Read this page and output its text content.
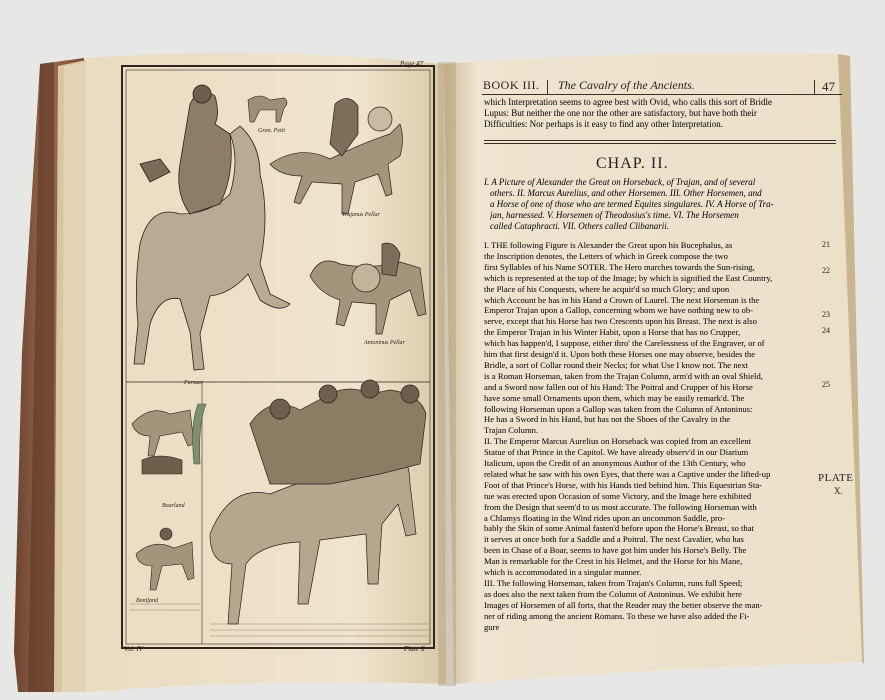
Page 47
Gran. Petit
Trajanus Pellar
Antoninus Pellar
Pursuer
Boarland
Bonifand
Vol. IV	Plate X
BOOK III. The Cavalry of the Ancients.	47
which Interpretation seems to agree best with Ovid, who calls this sort of Bridle
Lupus: But neither the one nor the other are satisfactory, but have both their
Difficulties: Nor perhaps is it easy to find any other Interpretation.
CHAP. II.
I. A Picture of Alexander the Great on Horseback, of Trajan, and of several
others. II. Marcus Aurelius, and other Horsemen. III. Other Horsemen, and
a Horse of one of those who are termed Equites singulares. IV. A Horse of Tra-
jan, harnessed. V. Horsemen of Theodosius's time. VI. The Horsemen
called Cataphracti. VII. Others called Clibanarii.
I. THE following Figure is Alexander the Great upon his Bucephalus, as
the Inscription denotes, the Letters of which in Greek compose the two
first Syllables of his Name SOTER. The Hero marches towards the Sun-rising,
which is represented at the top of the Image; by which is signified the East Country,
the Place of his Conquests, where he acquir'd so much Glory; and upon
which Account he has in his Hand a Crown of Laurel. The next Horseman is the
Emperor Trajan upon a Gallop, concerning whom we have nothing new to ob-
serve, except that his Horse has two Crescents upon his Breast. The next is also
the Emperor Trajan in his Winter Habit, upon a Horse that has no Crupper,
which has happen'd, I suppose, either thro' the Carelessness of the Engraver, or of
him that first design'd it. Upon both these Horses one may observe, besides the
Bridle, a sort of Collar round their Necks; for what Use I know not. The next
is a Roman Horseman, taken from the Trajan Column, arm'd with an oval Shield,
and a Sword now fallen out of his Hand: The Poitral and Crupper of his Horse
have some small Ornaments upon them, which may be easily remark'd. The
following Horseman upon a Gallop was taken from the Column of Antoninus:
He has a Sword in his Hand, but has not the Shoes of the Cavalry in the
Trajan Column.
II. The Emperor Marcus Aurelius on Horseback was copied from an excellent
Statue of that Prince in the Capitol. We have already observ'd in our Diarium
Italicum, upon the Credit of an anonymous Author of the 13th Century, who
related what he saw with his own Eyes, that there was a Captive under the lifted-up
Foot of that Prince's Horse, with his Hands tied behind him. This Equestrian Sta-
tue was erected upon Occasion of some Victory, and the Image here exhibited
from the Design that seem'd to us most accurate. The following Horseman with
a Chlamys floating in the Wind rides upon an uncommon Saddle, pro-
bably the Skin of some Animal fasten'd before upon the Horse's Breast, so that
it serves at once both for a Saddle and a Poitral. The next Cavalier, who has
been in Chase of a Boar, seems to have got him under his Horse's Belly. The
Man is remarkable for the Crest in his Helmet, and the Horse for his Mane,
which is accommodated in a singular manner.
III. The following Horseman, taken from Trajan's Column, runs full Speed;
as does also the next taken from the Column of Antoninus. We exhibit here
Images of Horsemen of all forts, that the Reader may the better observe the man-
ner of riding among the ancient Romans. To these we have also added the Fi-
gure
21
22
23
24
25
PLATE
X.
